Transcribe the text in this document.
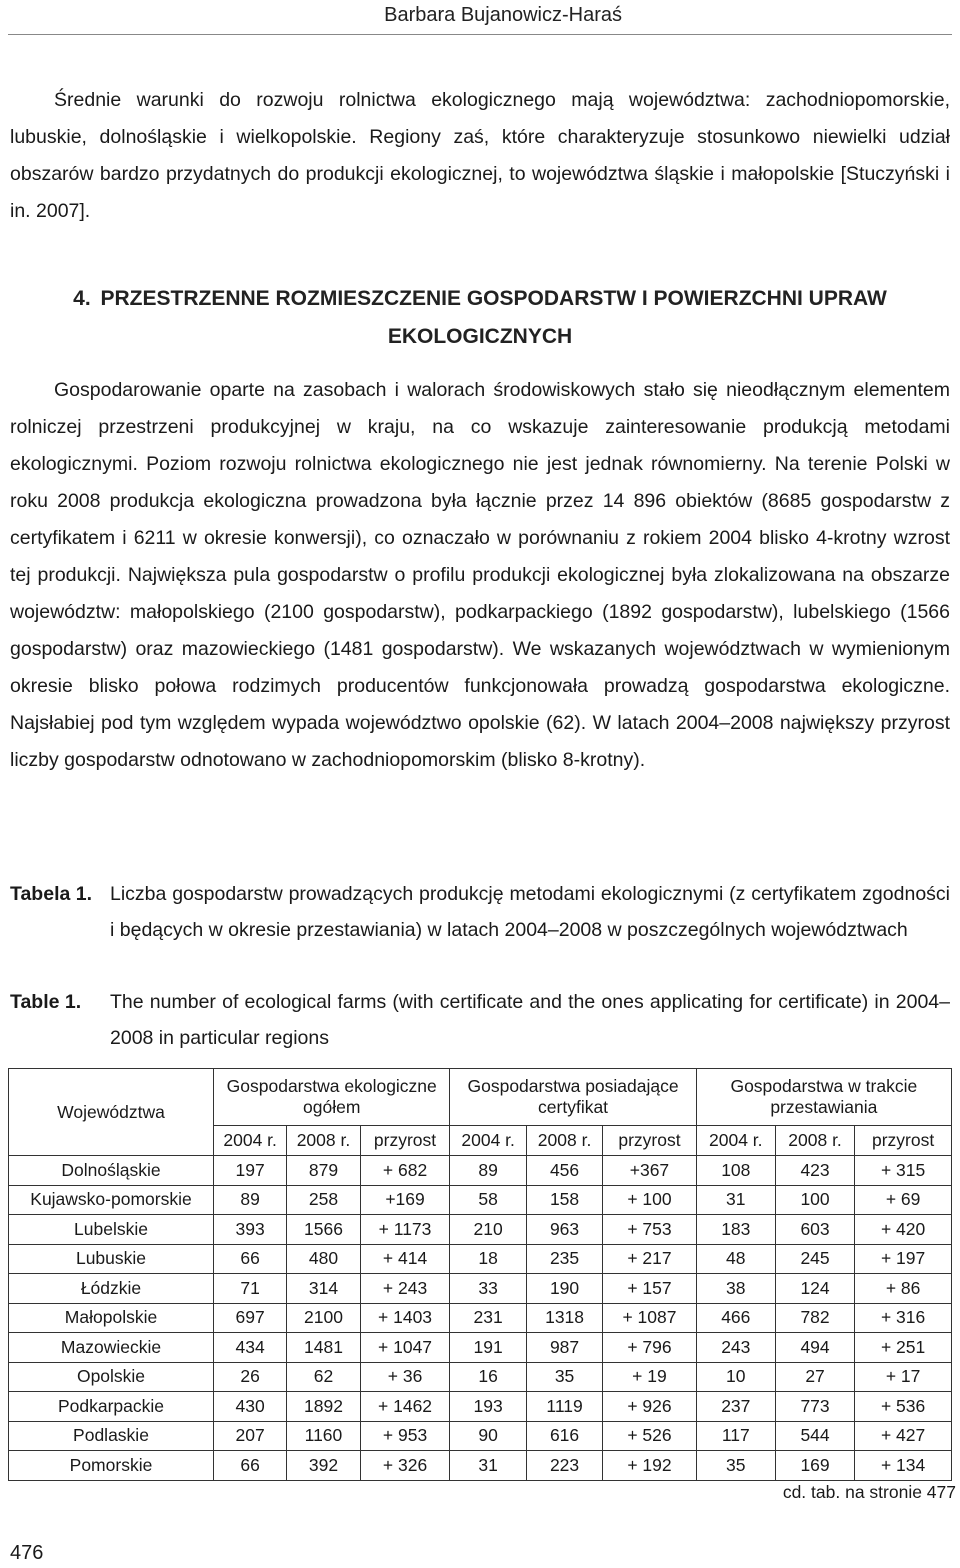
Barbara Bujanowicz-Haraś

Średnie warunki do rozwoju rolnictwa ekologicznego mają województwa: zachodniopomorskie, lubuskie, dolnośląskie i wielkopolskie. Regiony zaś, które charakteryzuje stosunkowo niewielki udział obszarów bardzo przydatnych do produkcji ekologicznej, to województwa śląskie i małopolskie [Stuczyński i in. 2007].

4. PRZESTRZENNE ROZMIESZCZENIE GOSPODARSTW I POWIERZCHNI UPRAW EKOLOGICZNYCH

Gospodarowanie oparte na zasobach i walorach środowiskowych stało się nieodłącznym elementem rolniczej przestrzeni produkcyjnej w kraju, na co wskazuje zainteresowanie produkcją metodami ekologicznymi. Poziom rozwoju rolnictwa ekologicznego nie jest jednak równomierny. Na terenie Polski w roku 2008 produkcja ekologiczna prowadzona była łącznie przez 14 896 obiektów (8685 gospodarstw z certyfikatem i 6211 w okresie konwersji), co oznaczało w porównaniu z rokiem 2004 blisko 4-krotny wzrost tej produkcji. Największa pula gospodarstw o profilu produkcji ekologicznej była zlokalizowana na obszarze województw: małopolskiego (2100 gospodarstw), podkarpackiego (1892 gospodarstw), lubelskiego (1566 gospodarstw) oraz mazowieckiego (1481 gospodarstw). We wskazanych województwach w wymienionym okresie blisko połowa rodzimych producentów funkcjonowała prowadzą gospodarstwa ekologiczne. Najsłabiej pod tym względem wypada województwo opolskie (62). W latach 2004–2008 największy przyrost liczby gospodarstw odnotowano w zachodniopomorskim (blisko 8-krotny).

Tabela 1. Liczba gospodarstw prowadzących produkcję metodami ekologicznymi (z certyfikatem zgodności i będących w okresie przestawiania) w latach 2004–2008 w poszczególnych województwach
Table 1.	The number of ecological farms (with certificate and the ones applicating for certificate) in 2004–2008 in particular regions
Województwa	Gospodarstwa ekologiczne ogółem			Gospodarstwa posiadające certyfikat			Gospodarstwa w trakcie przestawiania		
	2004 r.	2008 r.	przyrost	2004 r.	2008 r.	przyrost	2004 r.	2008 r.	przyrost
Dolnośląskie	197	879	+ 682	89	456	+367	108	423	+ 315
Kujawsko-pomorskie	89	258	+169	58	158	+ 100	31	100	+ 69
Lubelskie	393	1566	+ 1173	210	963	+ 753	183	603	+ 420
Lubuskie	66	480	+ 414	18	235	+ 217	48	245	+ 197
Łódzkie	71	314	+ 243	33	190	+ 157	38	124	+ 86
Małopolskie	697	2100	+ 1403	231	1318	+ 1087	466	782	+ 316
Mazowieckie	434	1481	+ 1047	191	987	+ 796	243	494	+ 251
Opolskie	26	62	+ 36	16	35	+ 19	10	27	+ 17
Podkarpackie	430	1892	+ 1462	193	1119	+ 926	237	773	+ 536
Podlaskie	207	1160	+ 953	90	616	+ 526	117	544	+ 427
Pomorskie	66	392	+ 326	31	223	+ 192	35	169	+ 134
cd. tab. na stronie 477
476
